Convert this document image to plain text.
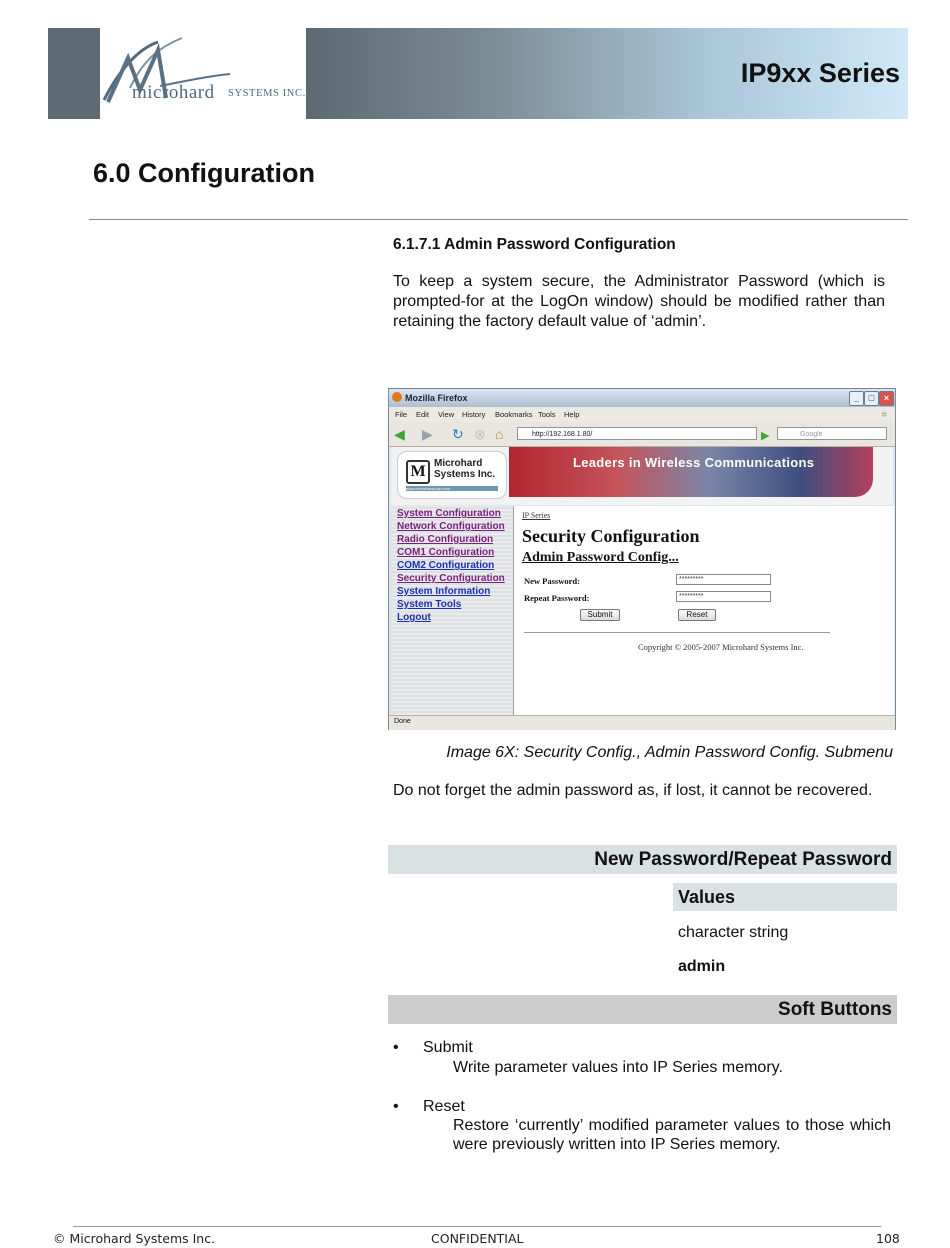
microhard SYSTEMS INC.
IP9xx Series
6.0 Configuration
6.1.7.1 Admin Password Configuration
To keep a system secure, the Administrator Password (which is prompted-for at the LogOn window) should be modified rather than retaining the factory default value of ‘admin’.
Mozilla Firefox	_	□	×
File Edit View History Bookmarks Tools Help	✲
◀ ▶ ↻ ⊗ ⌂	http://192.168.1.80/	▶	Google
M Microhard Systems Inc.
www.microhardcorp.com
Leaders in Wireless Communications
System Configuration
Network Configuration
Radio Configuration
COM1 Configuration
COM2 Configuration
Security Configuration
System Information
System Tools
Logout
IP Series
Security Configuration
Admin Password Config...
New Password:	*********
Repeat Password:	*********
Submit	Reset
Copyright © 2005-2007 Microhard Systems Inc.
Done
Image 6X: Security Config., Admin Password Config. Submenu
Do not forget the admin password as, if lost, it cannot be recovered.
New Password/Repeat Password
Values
character string
admin
Soft Buttons
• Submit
Write parameter values into IP Series memory.
• Reset
Restore ‘currently’ modified parameter values to those which were previously written into IP Series memory.
© Microhard Systems Inc.	CONFIDENTIAL	108
